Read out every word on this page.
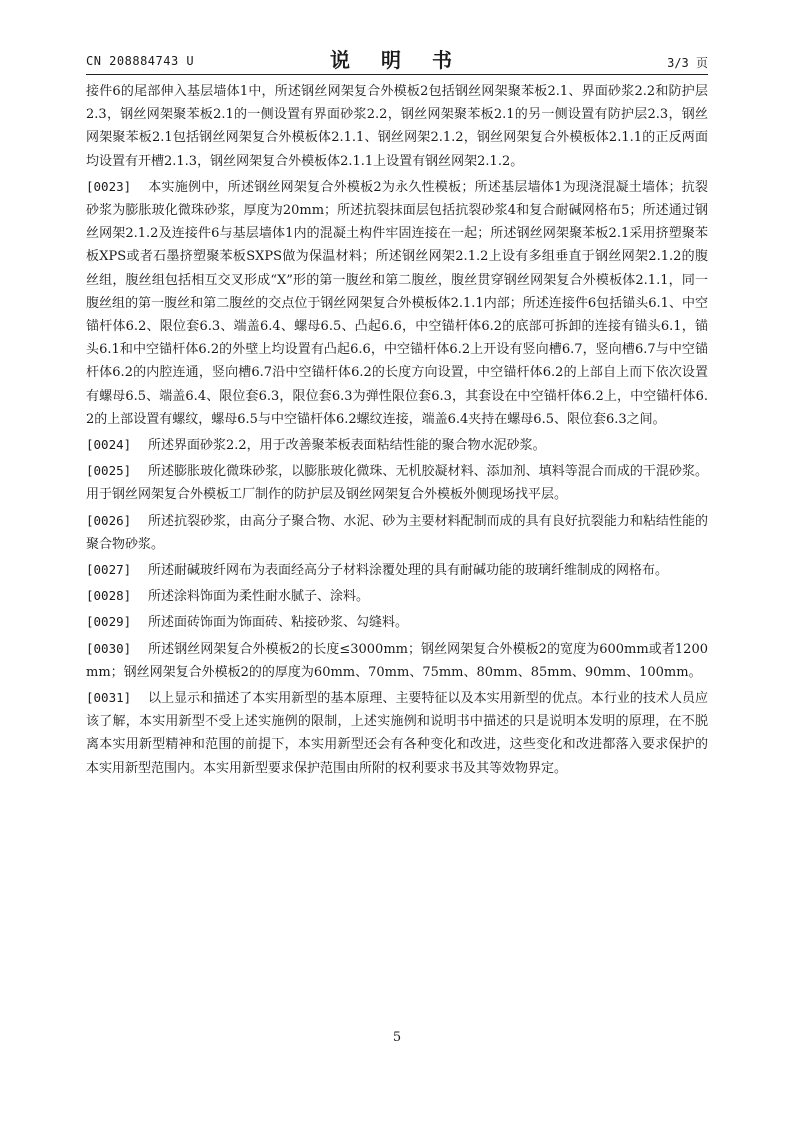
CN 208884743 U	说 明 书	3/3 页

接件6的尾部伸入基层墙体1中，所述钢丝网架复合外模板2包括钢丝网架聚苯板2.1、界面砂浆2.2和防护层2.3，钢丝网架聚苯板2.1的一侧设置有界面砂浆2.2，钢丝网架聚苯板2.1的另一侧设置有防护层2.3，钢丝网架聚苯板2.1包括钢丝网架复合外模板体2.1.1、钢丝网架2.1.2，钢丝网架复合外模板体2.1.1的正反两面均设置有开槽2.1.3，钢丝网架复合外模板体2.1.1上设置有钢丝网架2.1.2。

[0023] 本实施例中，所述钢丝网架复合外模板2为永久性模板；所述基层墙体1为现浇混凝土墙体；抗裂砂浆为膨胀玻化微珠砂浆，厚度为20mm；所述抗裂抹面层包括抗裂砂浆4和复合耐碱网格布5；所述通过钢丝网架2.1.2及连接件6与基层墙体1内的混凝土构件牢固连接在一起；所述钢丝网架聚苯板2.1采用挤塑聚苯板XPS或者石墨挤塑聚苯板SXPS做为保温材料；所述钢丝网架2.1.2上设有多组垂直于钢丝网架2.1.2的腹丝组，腹丝组包括相互交叉形成“X”形的第一腹丝和第二腹丝，腹丝贯穿钢丝网架复合外模板体2.1.1，同一腹丝组的第一腹丝和第二腹丝的交点位于钢丝网架复合外模板体2.1.1内部；所述连接件6包括锚头6.1、中空锚杆体6.2、限位套6.3、端盖6.4、螺母6.5、凸起6.6，中空锚杆体6.2的底部可拆卸的连接有锚头6.1，锚头6.1和中空锚杆体6.2的外壁上均设置有凸起6.6，中空锚杆体6.2上开设有竖向槽6.7，竖向槽6.7与中空锚杆体6.2的内腔连通，竖向槽6.7沿中空锚杆体6.2的长度方向设置，中空锚杆体6.2的上部自上而下依次设置有螺母6.5、端盖6.4、限位套6.3，限位套6.3为弹性限位套6.3，其套设在中空锚杆体6.2上，中空锚杆体6.2的上部设置有螺纹，螺母6.5与中空锚杆体6.2螺纹连接，端盖6.4夹持在螺母6.5、限位套6.3之间。

[0024] 所述界面砂浆2.2，用于改善聚苯板表面粘结性能的聚合物水泥砂浆。

[0025] 所述膨胀玻化微珠砂浆，以膨胀玻化微珠、无机胶凝材料、添加剂、填料等混合而成的干混砂浆。用于钢丝网架复合外模板工厂制作的防护层及钢丝网架复合外模板外侧现场找平层。

[0026] 所述抗裂砂浆，由高分子聚合物、水泥、砂为主要材料配制而成的具有良好抗裂能力和粘结性能的聚合物砂浆。

[0027] 所述耐碱玻纤网布为表面经高分子材料涂覆处理的具有耐碱功能的玻璃纤维制成的网格布。

[0028] 所述涂料饰面为柔性耐水腻子、涂料。

[0029] 所述面砖饰面为饰面砖、粘接砂浆、勾缝料。

[0030] 所述钢丝网架复合外模板2的长度≤3000mm；钢丝网架复合外模板2的宽度为600mm或者1200mm；钢丝网架复合外模板2的的厚度为60mm、70mm、75mm、80mm、85mm、90mm、100mm。

[0031] 以上显示和描述了本实用新型的基本原理、主要特征以及本实用新型的优点。本行业的技术人员应该了解，本实用新型不受上述实施例的限制，上述实施例和说明书中描述的只是说明本发明的原理，在不脱离本实用新型精神和范围的前提下，本实用新型还会有各种变化和改进，这些变化和改进都落入要求保护的本实用新型范围内。本实用新型要求保护范围由所附的权利要求书及其等效物界定。

5
